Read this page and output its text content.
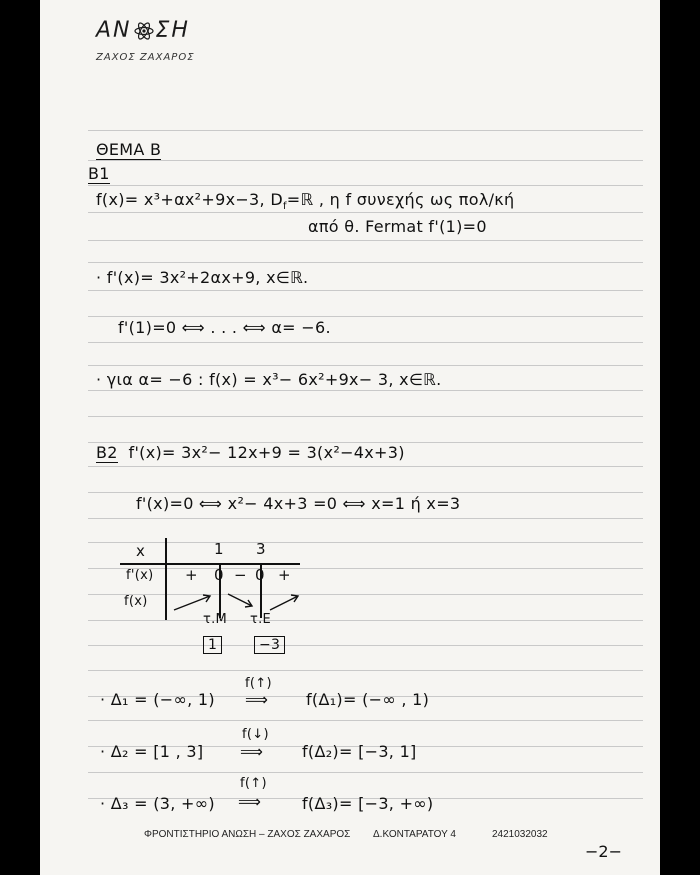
ΑΝ ΣΗ
ΖΑΧΟΣ ΖΑΧΑΡΟΣ
ΘΕΜΑ Β
Β1
f(x)= x³+αx²+9x−3, $D_f=ℝ$ , η f συνεχής ως πολ/κή
από θ. Fermat f'(1)=0
· f'(x)= 3x²+2αx+9, x∈ℝ.
f'(1)=0 ⟺ . . . ⟺ α= −6.
· για α= −6 : f(x) = x³− 6x²+9x− 3, x∈ℝ.
Β2 f'(x)= 3x²− 12x+9 = 3(x²−4x+3)
f'(x)=0 ⟺ x²− 4x+3 =0 ⟺ x=1 ή x=3
x	1 3
f'(x) + 0 − 0 +
f(x)
τ.Μ τ.Ε
1	−3
· Δ₁ = (−∞, 1)
f(↑)
⟹ f(Δ₁)= (−∞ , 1)
· Δ₂ = [1 , 3]
f(↓)
⟹ f(Δ₂)= [−3, 1]
· Δ₃ = (3, +∞)
f(↑)
⟹	f(Δ₃)= [−3, +∞)
ΦΡΟΝΤΙΣΤΗΡΙΟ ΑΝΩΣΗ – ΖΑΧΟΣ ΖΑΧΑΡΟΣ Δ.ΚΟΝΤΑΡΑΤΟΥ 4	2421032032
−2−
